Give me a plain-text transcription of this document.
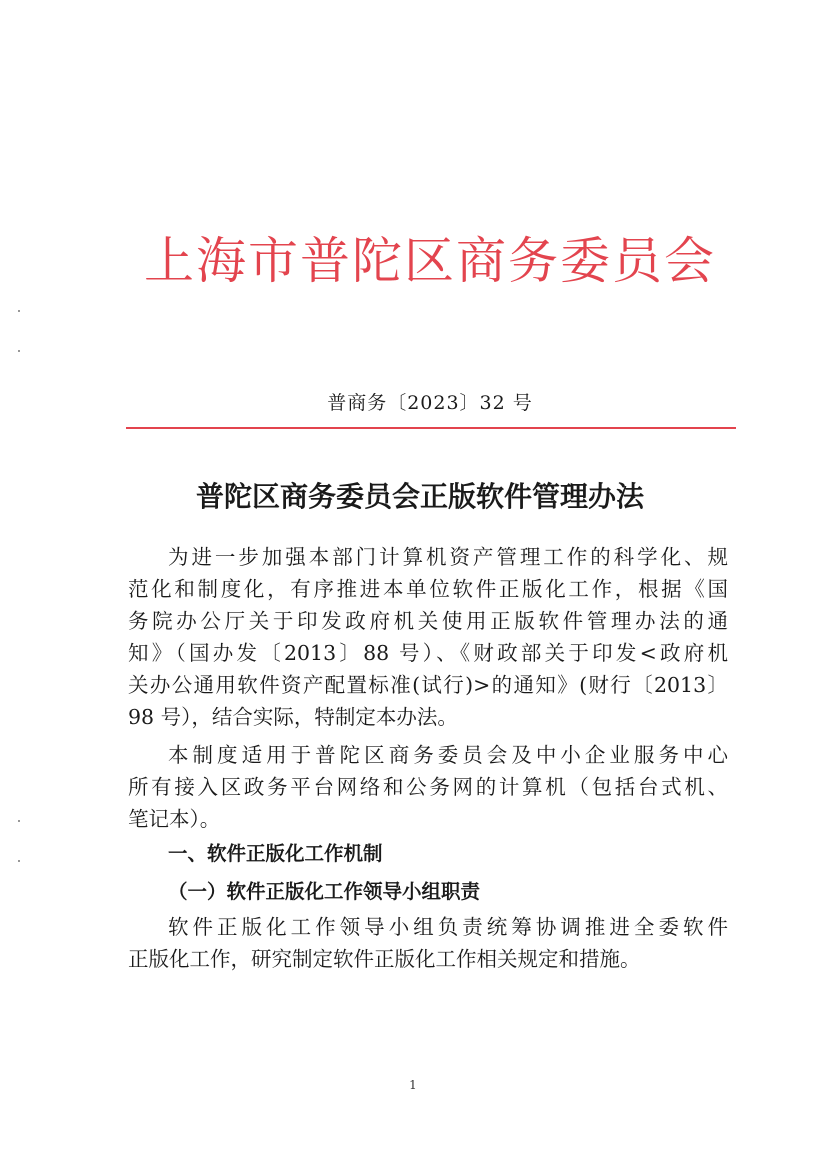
上海市普陀区商务委员会
普商务〔2023〕32 号
普陀区商务委员会正版软件管理办法
为进一步加强本部门计算机资产管理工作的科学化、规
范化和制度化，有序推进本单位软件正版化工作，根据《国
务院办公厅关于印发政府机关使用正版软件管理办法的通
知》（国办发〔2013〕88 号）、《财政部关于印发<政府机
关办公通用软件资产配置标准(试行)>的通知》(财行〔2013〕
98 号），结合实际，特制定本办法。
本制度适用于普陀区商务委员会及中小企业服务中心
所有接入区政务平台网络和公务网的计算机（包括台式机、
笔记本）。
一、软件正版化工作机制
（一）软件正版化工作领导小组职责
软件正版化工作领导小组负责统筹协调推进全委软件
正版化工作，研究制定软件正版化工作相关规定和措施。
1
